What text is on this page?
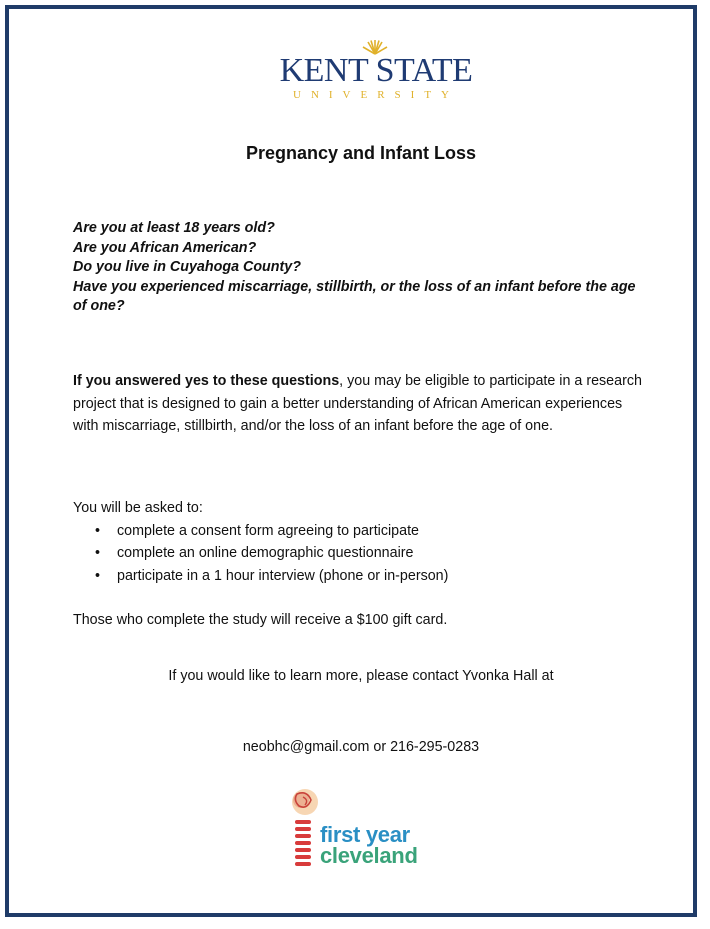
KENT STATE
UNIVERSITY
Pregnancy and Infant Loss
Are you at least 18 years old?
Are you African American?
Do you live in Cuyahoga County?
Have you experienced miscarriage, stillbirth, or the loss of an infant before the age of one?
If you answered yes to these questions, you may be eligible to participate in a research project that is designed to gain a better understanding of African American experiences with miscarriage, stillbirth, and/or the loss of an infant before the age of one.
You will be asked to:
• complete a consent form agreeing to participate
• complete an online demographic questionnaire
• participate in a 1 hour interview (phone or in-person)
Those who complete the study will receive a $100 gift card.
If you would like to learn more, please contact Yvonka Hall at
neobhc@gmail.com or 216-295-0283
first year
cleveland
